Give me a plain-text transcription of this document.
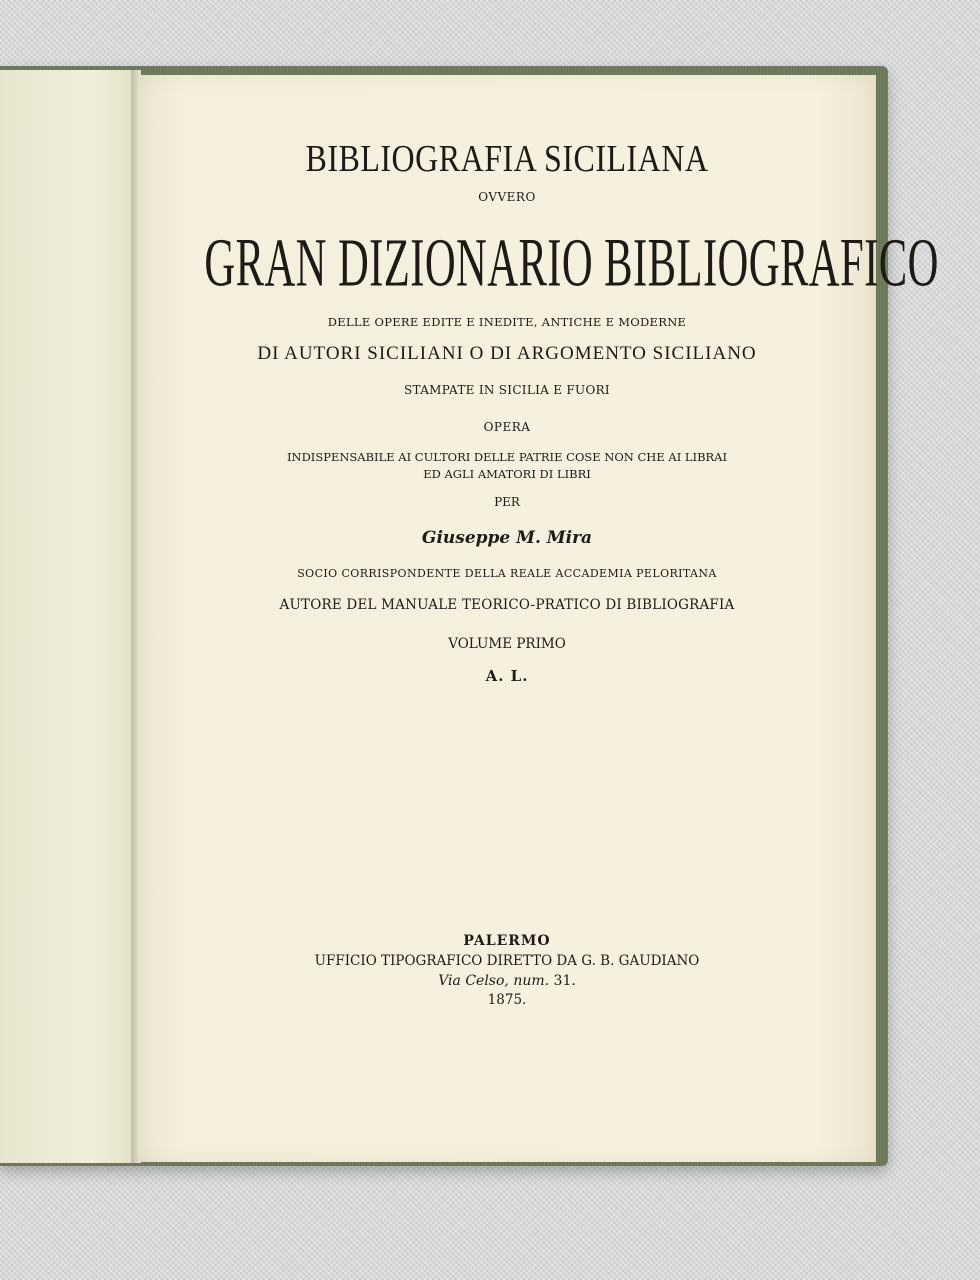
BIBLIOGRAFIA SICILIANA
OVVERO
GRAN DIZIONARIO BIBLIOGRAFICO
DELLE OPERE EDITE E INEDITE, ANTICHE E MODERNE
DI AUTORI SICILIANI O DI ARGOMENTO SICILIANO
STAMPATE IN SICILIA E FUORI
OPERA
INDISPENSABILE AI CULTORI DELLE PATRIE COSE NON CHE AI LIBRAI
ED AGLI AMATORI DI LIBRI
PER
Giuseppe M. Mira
SOCIO CORRISPONDENTE DELLA REALE ACCADEMIA PELORITANA
AUTORE DEL MANUALE TEORICO-PRATICO DI BIBLIOGRAFIA
VOLUME PRIMO
A. L.
PALERMO
UFFICIO TIPOGRAFICO DIRETTO DA G. B. GAUDIANO
Via Celso, num. 31.
1875.
